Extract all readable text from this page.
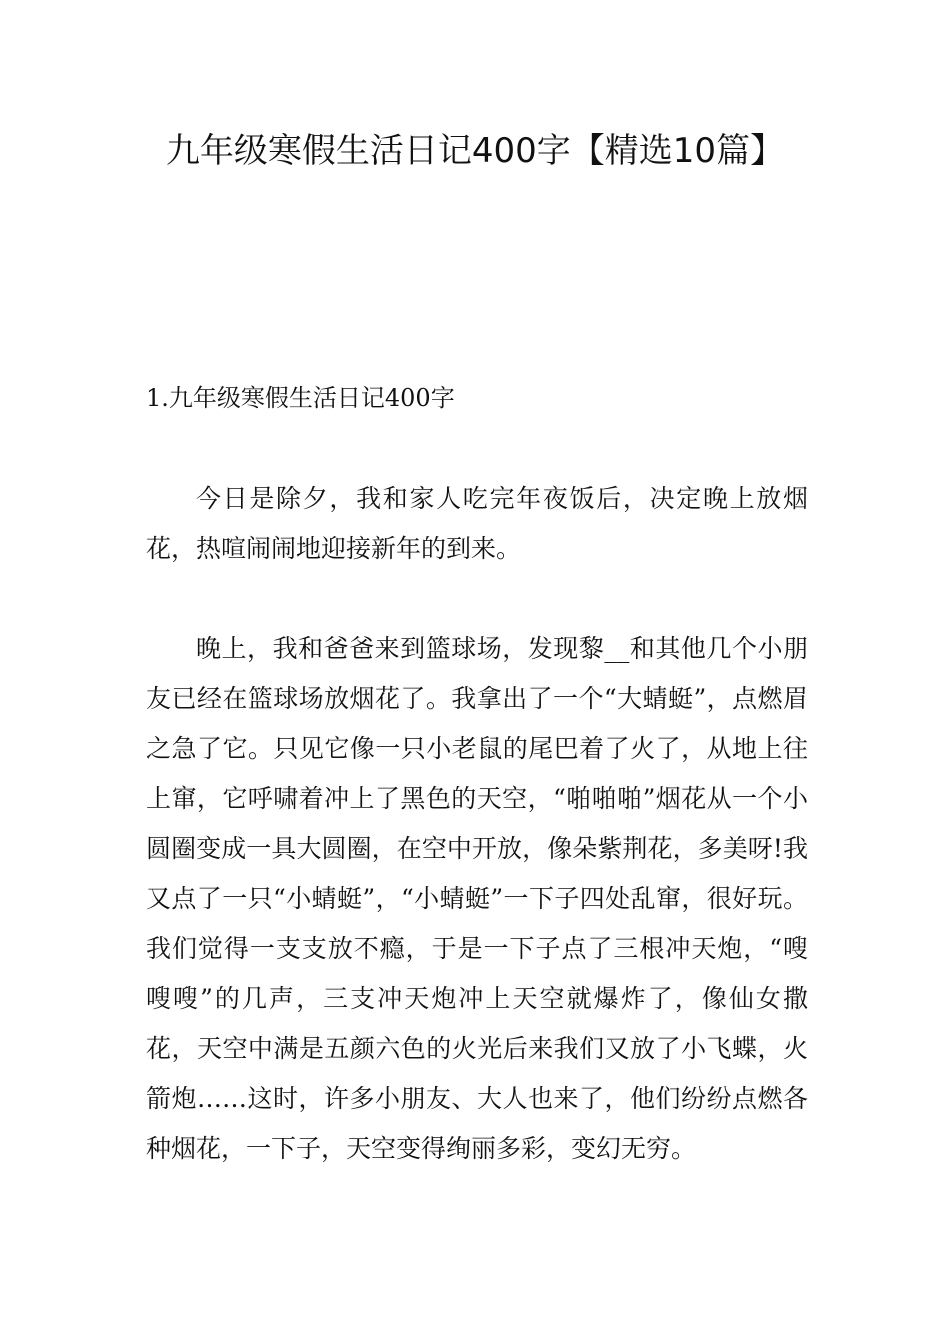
九年级寒假生活日记400字【精选10篇】
1.九年级寒假生活日记400字

今日是除夕，我和家人吃完年夜饭后，决定晚上放烟花，热喧闹闹地迎接新年的到来。

晚上，我和爸爸来到篮球场，发现黎__和其他几个小朋友已经在篮球场放烟花了。我拿出了一个“大蜻蜓”，点燃眉之急了它。只见它像一只小老鼠的尾巴着了火了，从地上往上窜，它呼啸着冲上了黑色的天空，“啪啪啪”烟花从一个小圆圈变成一具大圆圈，在空中开放，像朵紫荆花，多美呀!我又点了一只“小蜻蜓”，“小蜻蜓”一下子四处乱窜，很好玩。我们觉得一支支放不瘾，于是一下子点了三根冲天炮，“嗖嗖嗖”的几声，三支冲天炮冲上天空就爆炸了，像仙女撒花，天空中满是五颜六色的火光后来我们又放了小飞蝶，火箭炮……这时，许多小朋友、大人也来了，他们纷纷点燃各种烟花，一下子，天空变得绚丽多彩，变幻无穷。
